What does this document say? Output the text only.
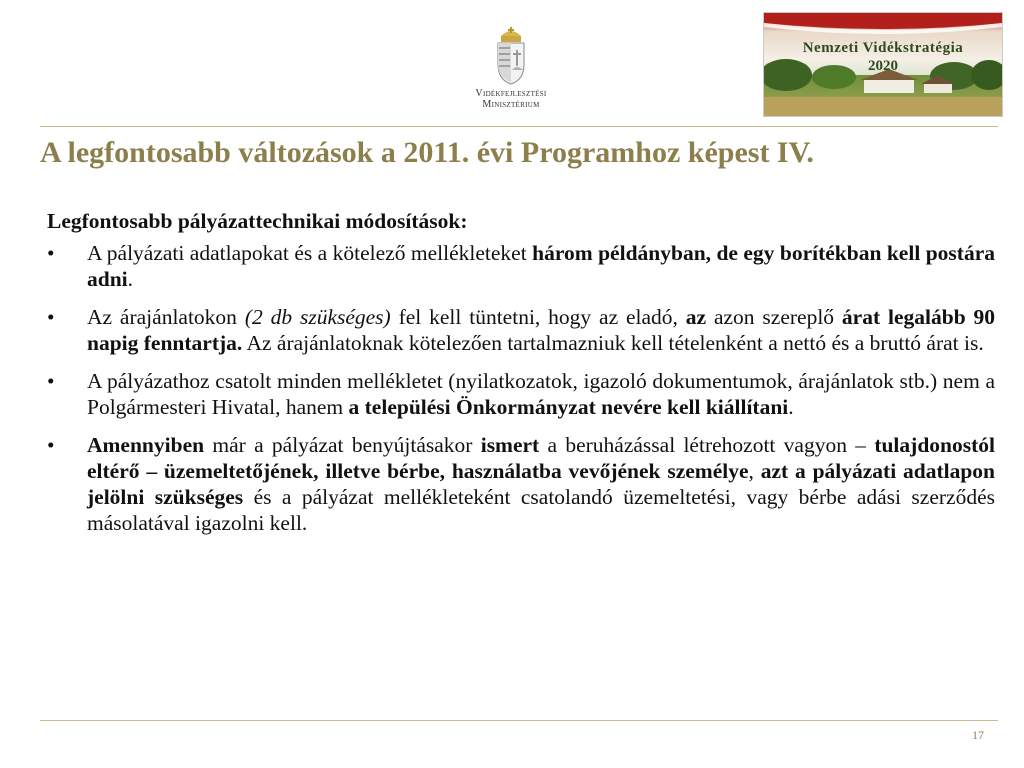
Vidékfejlesztési
Minisztérium
Nemzeti Vidékstratégia
2020
A legfontosabb változások a 2011. évi Programhoz képest IV.
Legfontosabb pályázattechnikai módosítások:
•	A pályázati adatlapokat és a kötelező mellékleteket három példányban, de egy borítékban kell postára adni.
•	Az árajánlatokon (2 db szükséges) fel kell tüntetni, hogy az eladó, az azon szereplő árat legalább 90 napig fenntartja. Az árajánlatoknak kötelezően tartalmazniuk kell tételenként a nettó és a bruttó árat is.
•	A pályázathoz csatolt minden mellékletet (nyilatkozatok, igazoló dokumentumok, árajánlatok stb.) nem a Polgármesteri Hivatal, hanem a települési Önkormányzat nevére kell kiállítani.
•	Amennyiben már a pályázat benyújtásakor ismert a beruházással létrehozott vagyon – tulajdonostól eltérő – üzemeltetőjének, illetve bérbe, használatba vevőjének személye, azt a pályázati adatlapon jelölni szükséges és a pályázat mellékleteként csatolandó üzemeltetési, vagy bérbe adási szerződés másolatával igazolni kell.
17
